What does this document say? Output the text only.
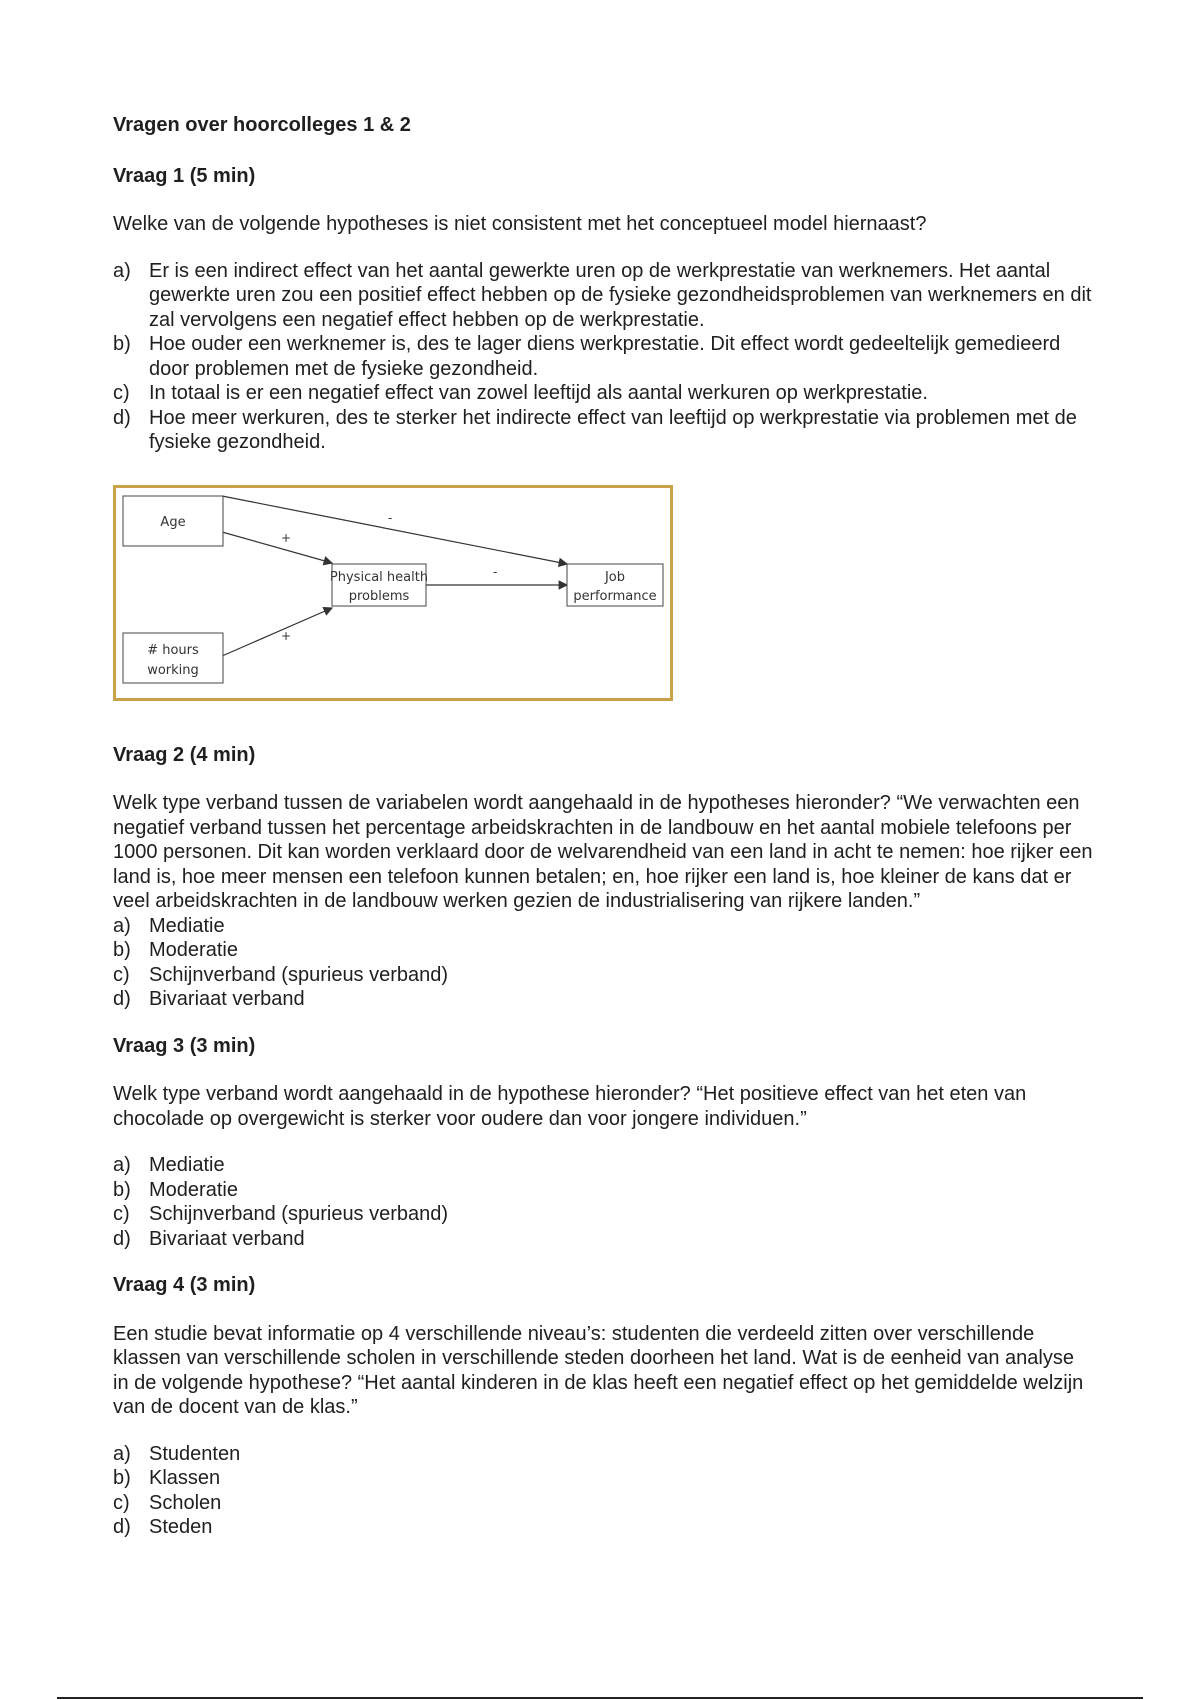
Vragen over hoorcolleges 1 & 2

Vraag 1 (5 min)

Welke van de volgende hypotheses is niet consistent met het conceptueel model hiernaast?

a) Er is een indirect effect van het aantal gewerkte uren op de werkprestatie van werknemers. Het aantal gewerkte uren zou een positief effect hebben op de fysieke gezondheidsproblemen van werknemers en dit zal vervolgens een negatief effect hebben op de werkprestatie.
b) Hoe ouder een werknemer is, des te lager diens werkprestatie. Dit effect wordt gedeeltelijk gemedieerd door problemen met de fysieke gezondheid.
c) In totaal is er een negatief effect van zowel leeftijd als aantal werkuren op werkprestatie.
d) Hoe meer werkuren, des te sterker het indirecte effect van leeftijd op werkprestatie via problemen met de fysieke gezondheid.
-
+
+
-
Age
# hours
working
Physical health
problems
Job
performance

Vraag 2 (4 min)

Welk type verband tussen de variabelen wordt aangehaald in de hypotheses hieronder? “We verwachten een negatief verband tussen het percentage arbeidskrachten in de landbouw en het aantal mobiele telefoons per 1000 personen. Dit kan worden verklaard door de welvarendheid van een land in acht te nemen: hoe rijker een land is, hoe meer mensen een telefoon kunnen betalen; en, hoe rijker een land is, hoe kleiner de kans dat er veel arbeidskrachten in de landbouw werken gezien de industrialisering van rijkere landen.”

a) Mediatie
b) Moderatie
c) Schijnverband (spurieus verband)
d) Bivariaat verband

Vraag 3 (3 min)

Welk type verband wordt aangehaald in de hypothese hieronder? “Het positieve effect van het eten van chocolade op overgewicht is sterker voor oudere dan voor jongere individuen.”

a) Mediatie
b) Moderatie
c) Schijnverband (spurieus verband)
d) Bivariaat verband

Vraag 4 (3 min)

Een studie bevat informatie op 4 verschillende niveau’s: studenten die verdeeld zitten over verschillende klassen van verschillende scholen in verschillende steden doorheen het land. Wat is de eenheid van analyse in de volgende hypothese? “Het aantal kinderen in de klas heeft een negatief effect op het gemiddelde welzijn van de docent van de klas.”

a) Studenten
b) Klassen
c) Scholen
d) Steden
